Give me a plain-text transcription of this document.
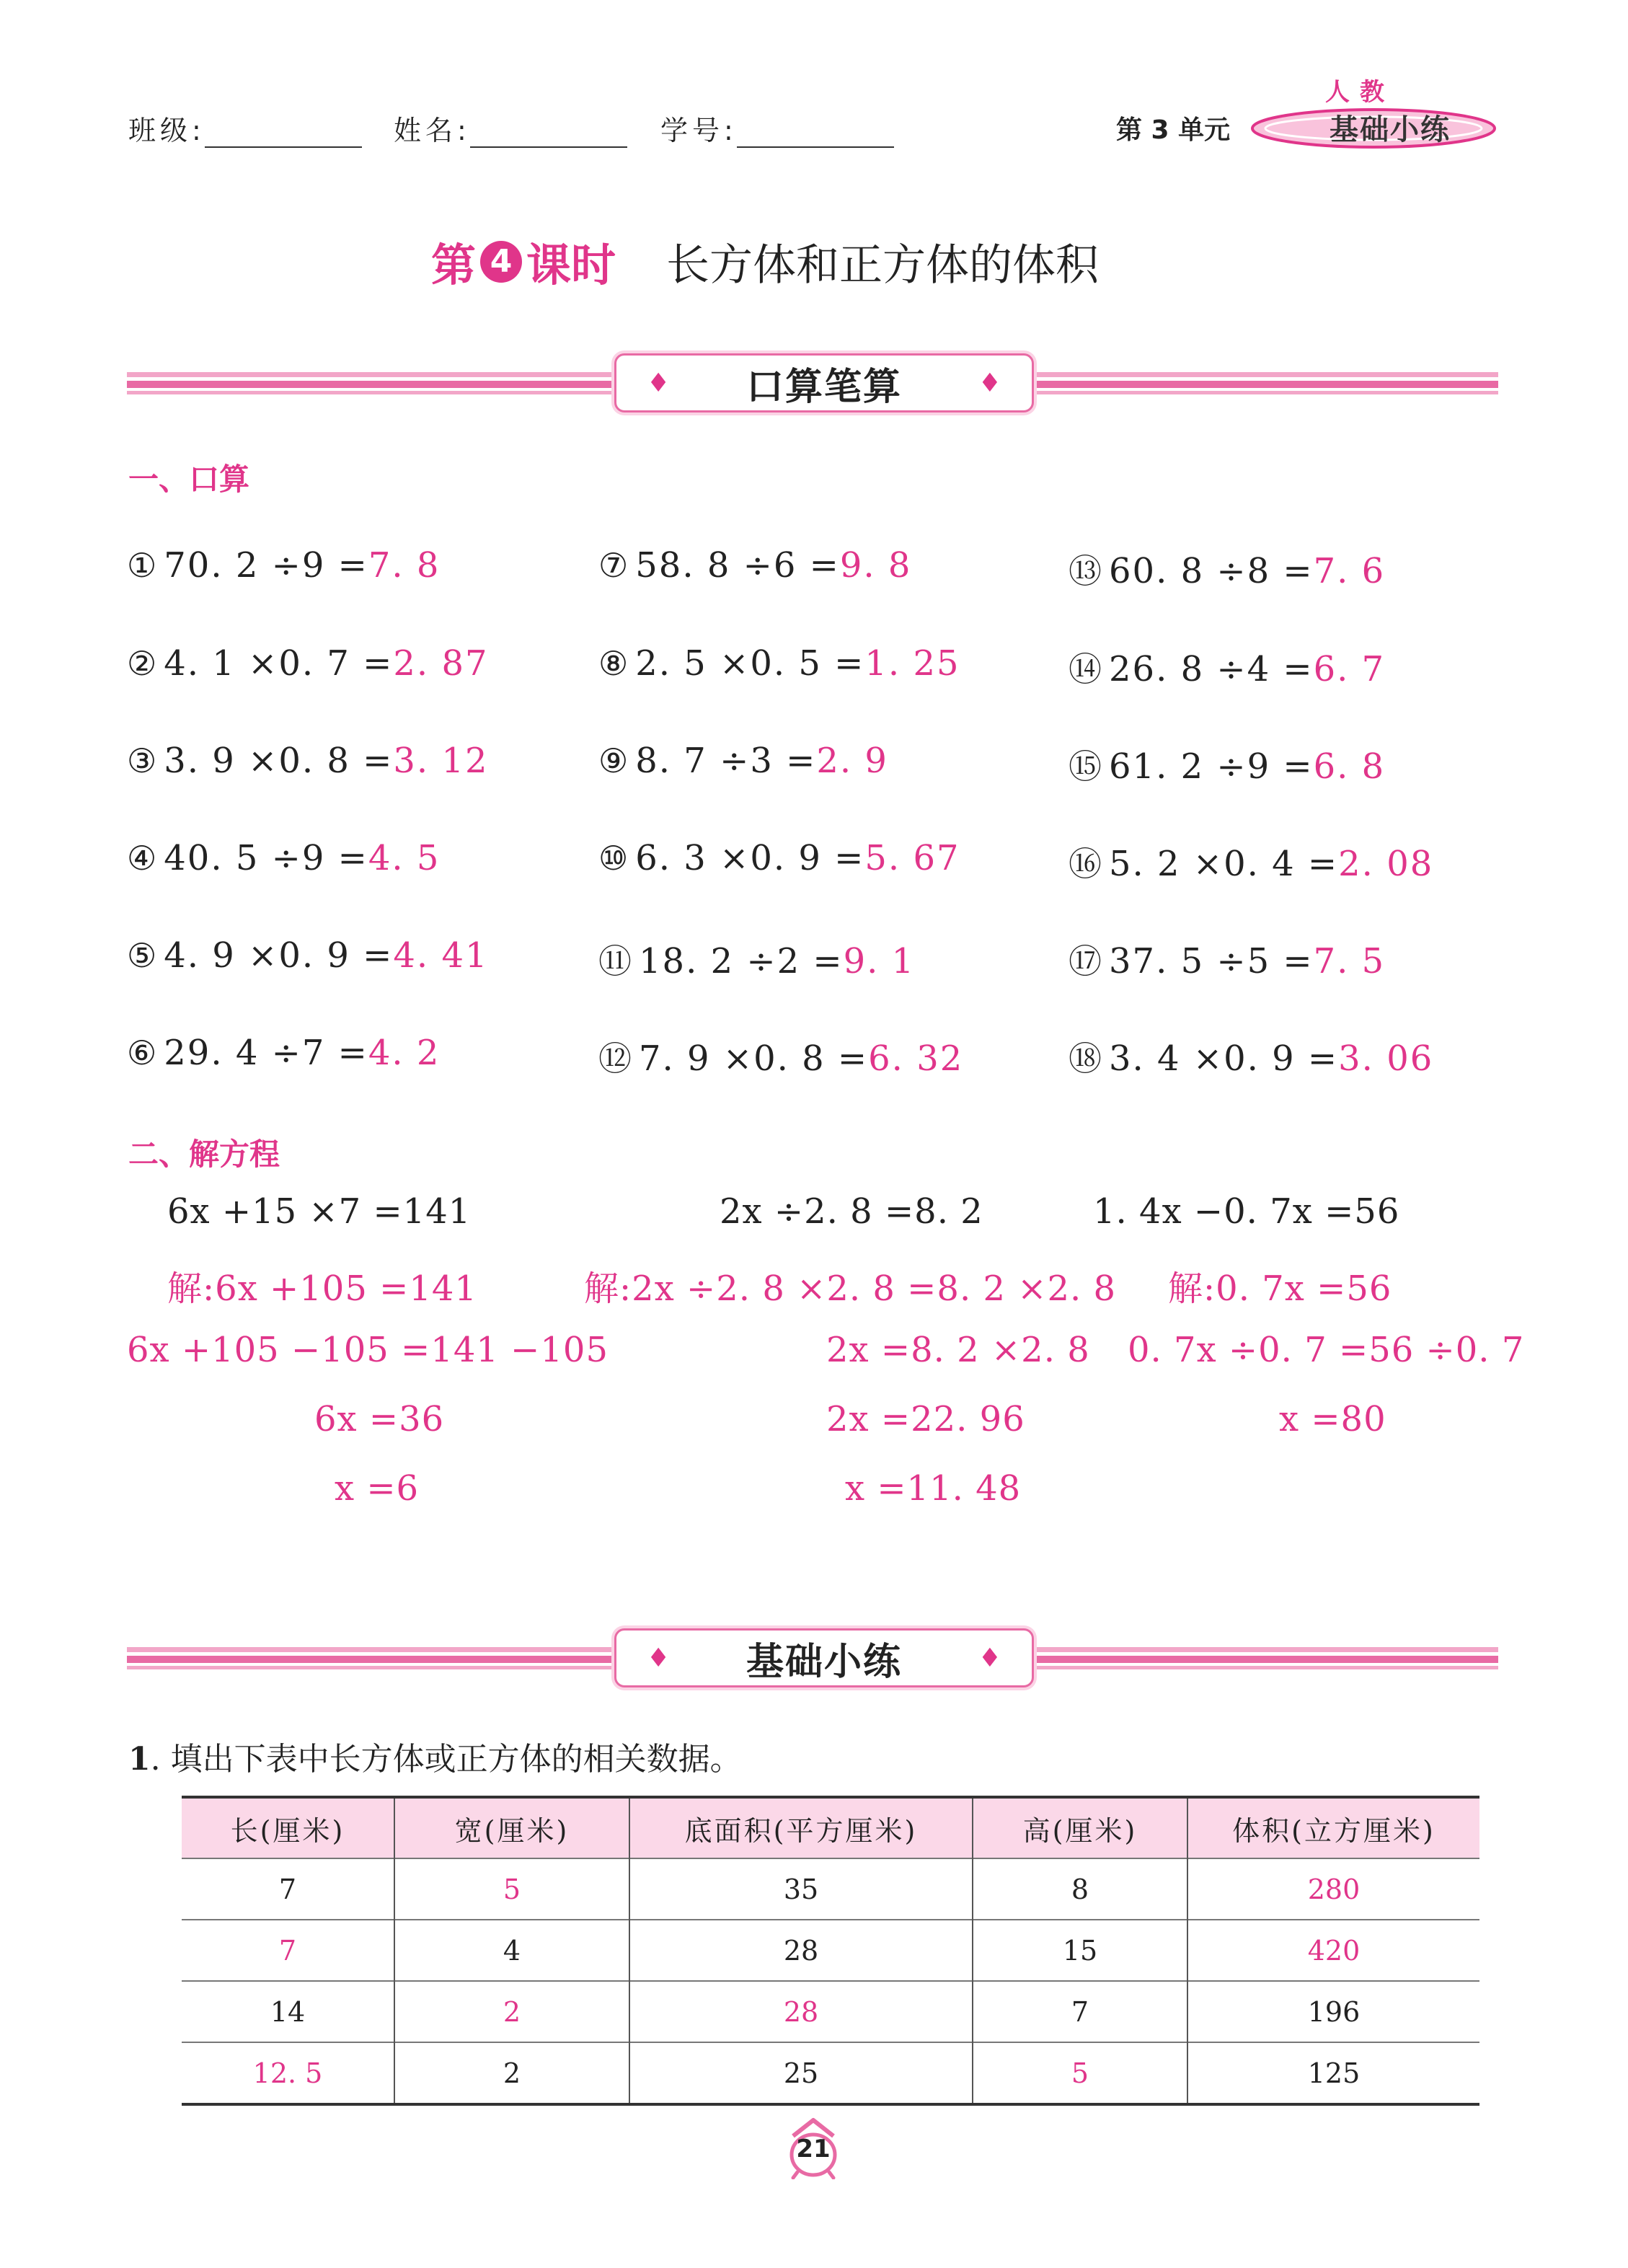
班级:	姓名:	学号:	第 3 单元
人教
基础小练
第 4 课时 长方体和正方体的体积
♦ 口算笔算	♦
一、口算
① 70. 2 ÷9 =7. 8
② 4. 1 ×0. 7 =2. 87
③ 3. 9 ×0. 8 =3. 12
④ 40. 5 ÷9 =4. 5
⑤ 4. 9 ×0. 9 =4. 41
⑥ 29. 4 ÷7 =4. 2
⑦ 58. 8 ÷6 =9. 8
⑧ 2. 5 ×0. 5 =1. 25
⑨ 8. 7 ÷3 =2. 9
⑩ 6. 3 ×0. 9 =5. 67
⑪ 18. 2 ÷2 =9. 1
⑫ 7. 9 ×0. 8 =6. 32
⑬ 60. 8 ÷8 =7. 6
⑭ 26. 8 ÷4 =6. 7
⑮ 61. 2 ÷9 =6. 8
⑯ 5. 2 ×0. 4 =2. 08
⑰ 37. 5 ÷5 =7. 5
⑱ 3. 4 ×0. 9 =3. 06
二、解方程
6x +15 ×7 =141
解:6x +105 =141
6x +105 −105 =141 −105
6x =36
x =6
2x ÷2. 8 =8. 2
解:2x ÷2. 8 ×2. 8 =8. 2 ×2. 8
2x =8. 2 ×2. 8
2x =22. 96
x =11. 48
1. 4x −0. 7x =56
解:0. 7x =56
0. 7x ÷0. 7 =56 ÷0. 7
x =80
♦ 基础小练	♦
1. 填出下表中长方体或正方体的相关数据。
长(厘米)	宽(厘米)	底面积(平方厘米)	高(厘米)	体积(立方厘米)
7	5	35	8	280
7	4	28	15	420
14	2	28	7	196
12. 5	2	25	5	125
21
